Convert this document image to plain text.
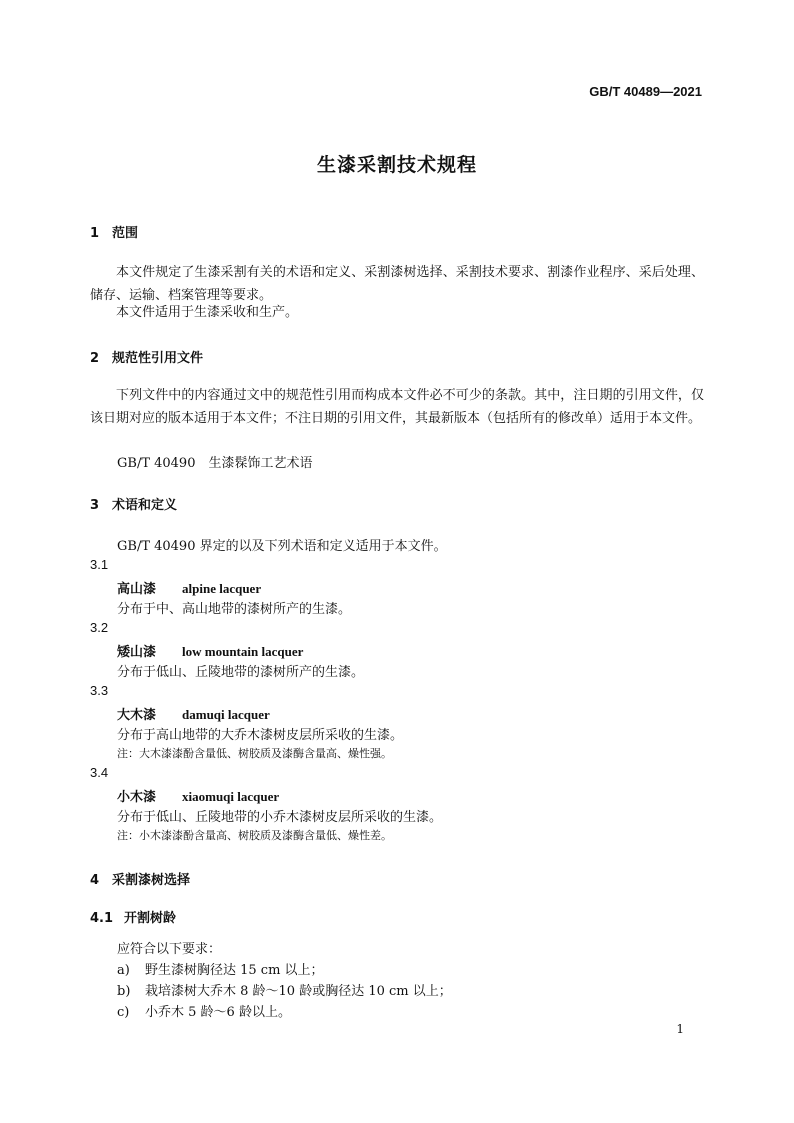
GB/T 40489—2021
生漆采割技术规程
1 范围
本文件规定了生漆采割有关的术语和定义、采割漆树选择、采割技术要求、割漆作业程序、采后处理、储存、运输、档案管理等要求。
本文件适用于生漆采收和生产。
2 规范性引用文件
下列文件中的内容通过文中的规范性引用而构成本文件必不可少的条款。其中，注日期的引用文件，仅该日期对应的版本适用于本文件；不注日期的引用文件，其最新版本（包括所有的修改单）适用于本文件。
GB/T 40490　生漆髹饰工艺术语
3 术语和定义
GB/T 40490 界定的以及下列术语和定义适用于本文件。
3.1
高山漆 alpine lacquer
分布于中、高山地带的漆树所产的生漆。
3.2
矮山漆 low mountain lacquer
分布于低山、丘陵地带的漆树所产的生漆。
3.3
大木漆 damuqi lacquer
分布于高山地带的大乔木漆树皮层所采收的生漆。
注：大木漆漆酚含量低、树胶质及漆酶含量高、燥性强。
3.4
小木漆 xiaomuqi lacquer
分布于低山、丘陵地带的小乔木漆树皮层所采收的生漆。
注：小木漆漆酚含量高、树胶质及漆酶含量低、燥性差。
4 采割漆树选择
4.1 开割树龄
应符合以下要求：
a) 野生漆树胸径达 15 cm 以上；
b) 栽培漆树大乔木 8 龄～10 龄或胸径达 10 cm 以上；
c) 小乔木 5 龄～6 龄以上。
1
